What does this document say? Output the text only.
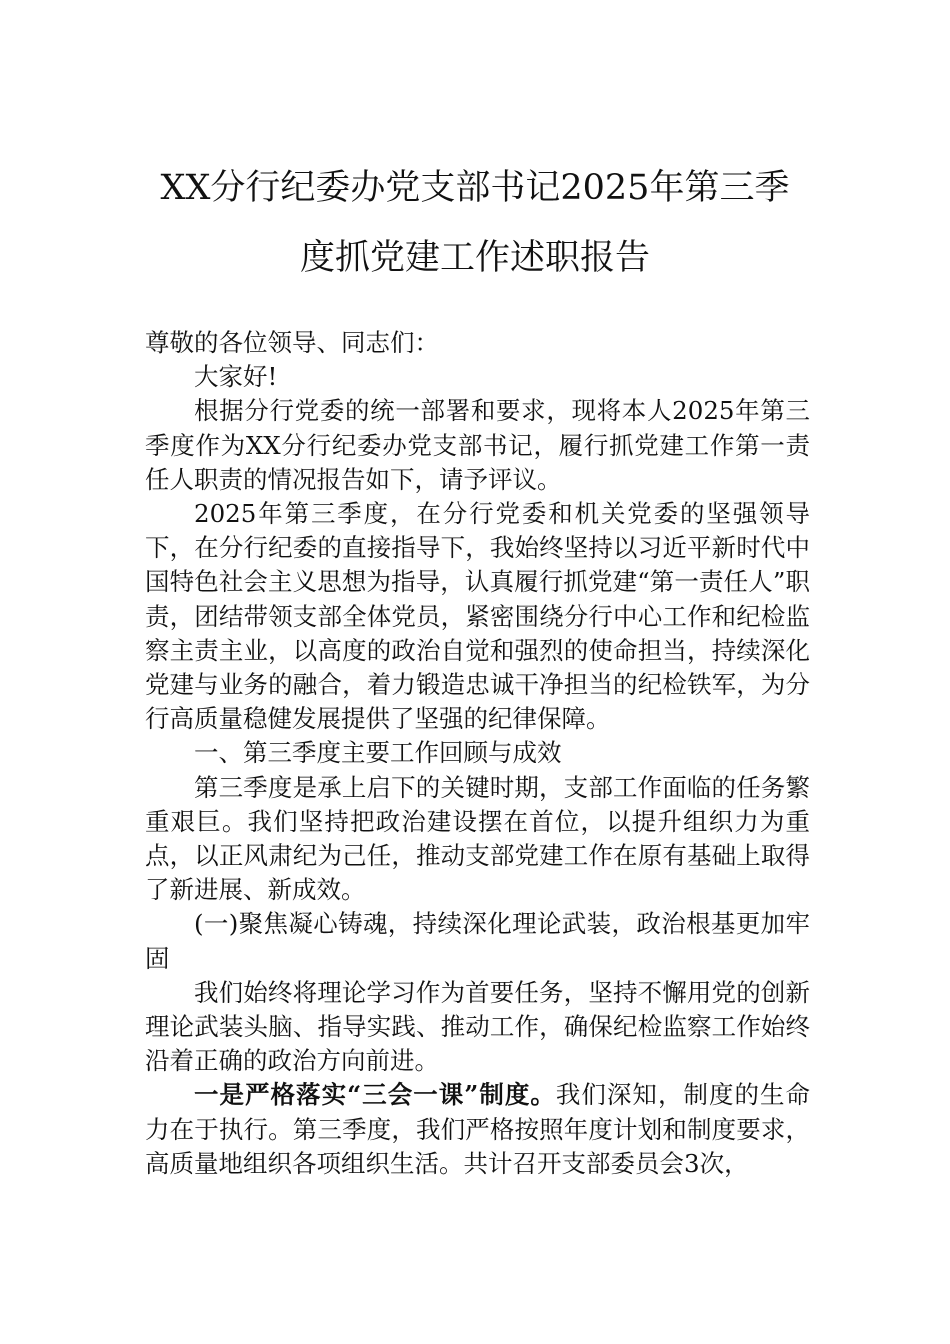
XX分行纪委办党支部书记2025年第三季
度抓党建工作述职报告

尊敬的各位领导、同志们：

大家好!

根据分行党委的统一部署和要求，现将本人2025年第三季度作为XX分行纪委办党支部书记，履行抓党建工作第一责任人职责的情况报告如下，请予评议。

2025年第三季度，在分行党委和机关党委的坚强领导下，在分行纪委的直接指导下，我始终坚持以习近平新时代中国特色社会主义思想为指导，认真履行抓党建“第一责任人”职责，团结带领支部全体党员，紧密围绕分行中心工作和纪检监察主责主业，以高度的政治自觉和强烈的使命担当，持续深化党建与业务的融合，着力锻造忠诚干净担当的纪检铁军，为分行高质量稳健发展提供了坚强的纪律保障。

一、第三季度主要工作回顾与成效

第三季度是承上启下的关键时期，支部工作面临的任务繁重艰巨。我们坚持把政治建设摆在首位，以提升组织力为重点，以正风肃纪为己任，推动支部党建工作在原有基础上取得了新进展、新成效。

(一)聚焦凝心铸魂，持续深化理论武装，政治根基更加牢固

我们始终将理论学习作为首要任务，坚持不懈用党的创新理论武装头脑、指导实践、推动工作，确保纪检监察工作始终沿着正确的政治方向前进。

一是严格落实“三会一课”制度。我们深知，制度的生命力在于执行。第三季度，我们严格按照年度计划和制度要求，高质量地组织各项组织生活。共计召开支部委员会3次，
